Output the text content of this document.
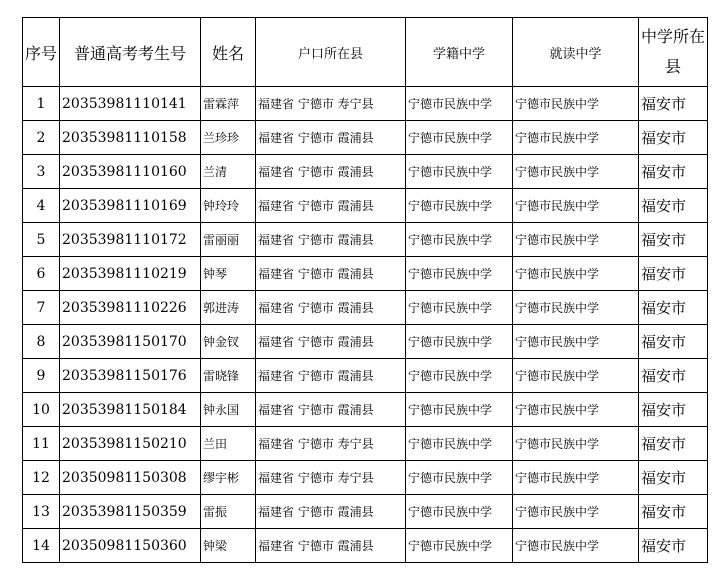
序号	普通高考考生号	姓名	户口所在县	学籍中学	就读中学	中学所在县
1	20353981110141	雷霖萍	福建省 宁德市 寿宁县	宁德市民族中学	宁德市民族中学	福安市
2	20353981110158	兰珍珍	福建省 宁德市 霞浦县	宁德市民族中学	宁德市民族中学	福安市
3	20353981110160	兰清	福建省 宁德市 霞浦县	宁德市民族中学	宁德市民族中学	福安市
4	20353981110169	钟玲玲	福建省 宁德市 霞浦县	宁德市民族中学	宁德市民族中学	福安市
5	20353981110172	雷丽丽	福建省 宁德市 霞浦县	宁德市民族中学	宁德市民族中学	福安市
6	20353981110219	钟琴	福建省 宁德市 霞浦县	宁德市民族中学	宁德市民族中学	福安市
7	20353981110226	郭进涛	福建省 宁德市 霞浦县	宁德市民族中学	宁德市民族中学	福安市
8	20353981150170	钟金钗	福建省 宁德市 霞浦县	宁德市民族中学	宁德市民族中学	福安市
9	20353981150176	雷晓锋	福建省 宁德市 霞浦县	宁德市民族中学	宁德市民族中学	福安市
10	20353981150184	钟永国	福建省 宁德市 霞浦县	宁德市民族中学	宁德市民族中学	福安市
11	20353981150210	兰田	福建省 宁德市 寿宁县	宁德市民族中学	宁德市民族中学	福安市
12	20350981150308	缪宇彬	福建省 宁德市 寿宁县	宁德市民族中学	宁德市民族中学	福安市
13	20353981150359	雷振	福建省 宁德市 霞浦县	宁德市民族中学	宁德市民族中学	福安市
14	20350981150360	钟梁	福建省 宁德市 霞浦县	宁德市民族中学	宁德市民族中学	福安市
